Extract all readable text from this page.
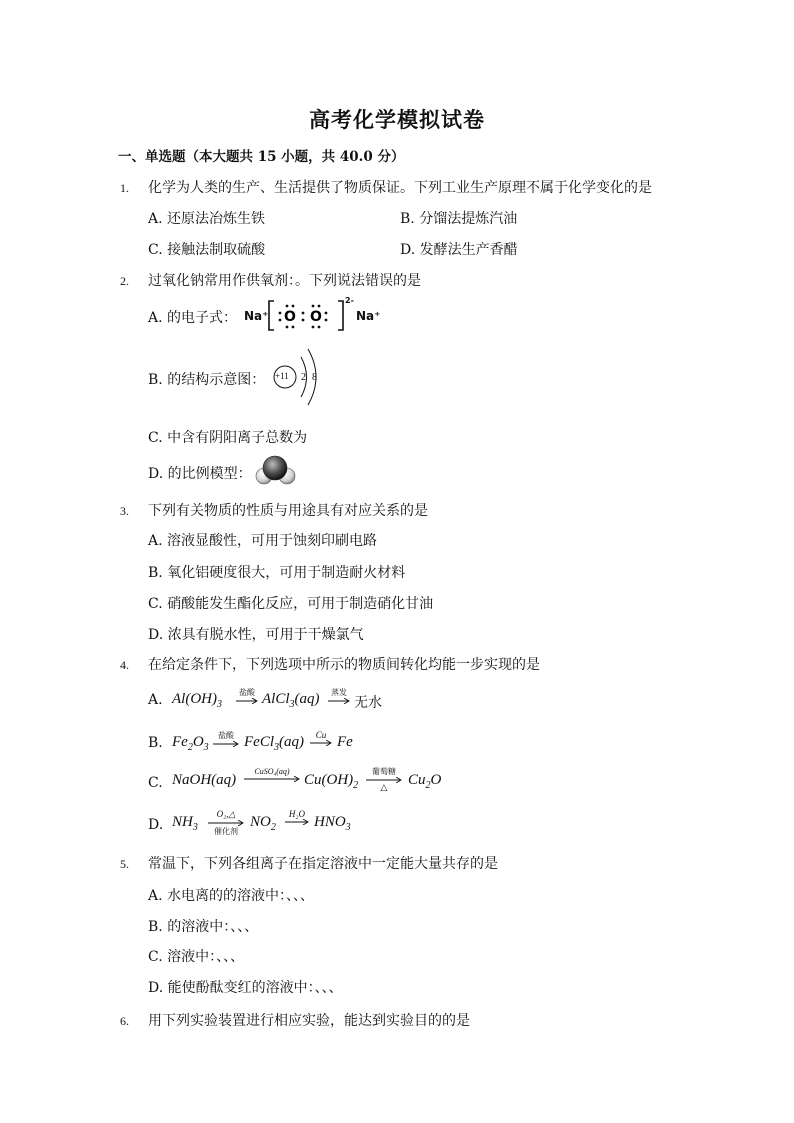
高考化学模拟试卷
一、单选题（本大题共 15 小题，共 40.0 分）
1. 化学为人类的生产、生活提供了物质保证。下列工业生产原理不属于化学变化的是
A. 还原法冶炼生铁	B. 分馏法提炼汽油
C. 接触法制取硫酸	D. 发酵法生产香醋
2. 过氧化钠常用作供氧剂：。下列说法错误的是
A. 的电子式： Na⁺ O O
2-
Na⁺
B. 的结构示意图： +11 2 8
C. 中含有阴阳离子总数为
D. 的比例模型：
3. 下列有关物质的性质与用途具有对应关系的是
A. 溶液显酸性，可用于蚀刻印刷电路
B. 氧化铝硬度很大，可用于制造耐火材料
C. 硝酸能发生酯化反应，可用于制造硝化甘油
D. 浓具有脱水性，可用于干燥氯气
4. 在给定条件下，下列选项中所示的物质间转化均能一步实现的是
A. $Al(OH)_3$
盐酸 AlCl$_3$(aq)	蒸发
无水
B. $Fe_2O_3$
盐酸 FeCl$_3$(aq)	Cu Fe
C. NaOH(aq)
CuSO₄(aq)
$Cu(OH)_2$
葡萄糖
△	$Cu_2O$
D. $NH_3$
O₂,△
催化剂
$NO_2$
H₂O $HNO_3$
5. 常温下，下列各组离子在指定溶液中一定能大量共存的是
A. 水电离的的溶液中：、、、
B. 的溶液中：、、、
C. 溶液中：、、、
D. 能使酚酞变红的溶液中：、、、
6. 用下列实验装置进行相应实验，能达到实验目的的是
